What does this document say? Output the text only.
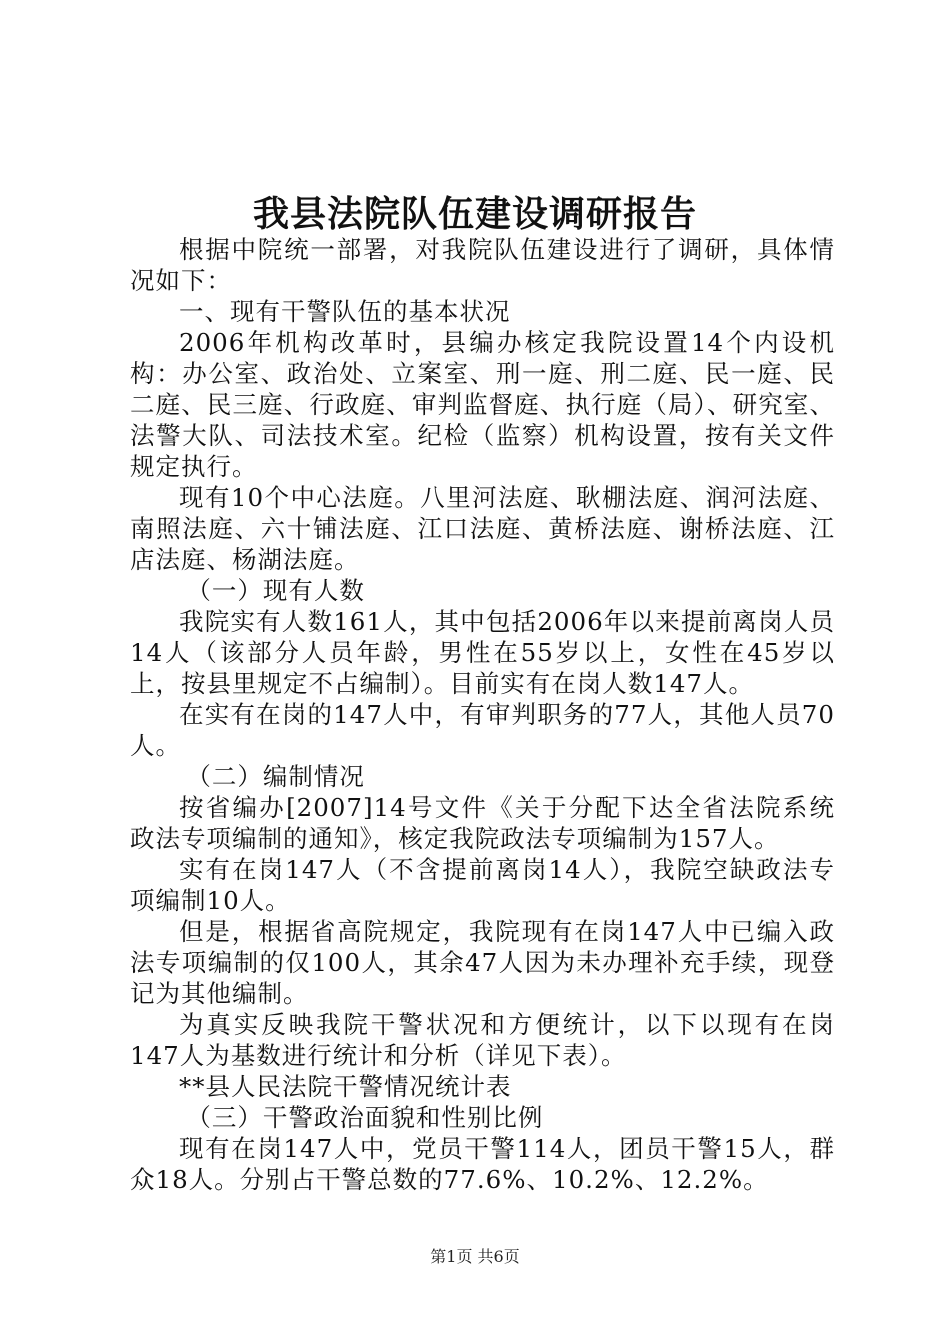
我县法院队伍建设调研报告

根据中院统一部署，对我院队伍建设进行了调研，具体情况如下：

一、现有干警队伍的基本状况

2006年机构改革时，县编办核定我院设置14个内设机构：办公室、政治处、立案室、刑一庭、刑二庭、民一庭、民二庭、民三庭、行政庭、审判监督庭、执行庭（局）、研究室、法警大队、司法技术室。纪检（监察）机构设置，按有关文件规定执行。

现有10个中心法庭。八里河法庭、耿棚法庭、润河法庭、南照法庭、六十铺法庭、江口法庭、黄桥法庭、谢桥法庭、江店法庭、杨湖法庭。

（一）现有人数

我院实有人数161人，其中包括2006年以来提前离岗人员14人（该部分人员年龄，男性在55岁以上，女性在45岁以上，按县里规定不占编制）。目前实有在岗人数147人。

在实有在岗的147人中，有审判职务的77人，其他人员70人。

（二）编制情况

按省编办[2007]14号文件《关于分配下达全省法院系统政法专项编制的通知》，核定我院政法专项编制为157人。

实有在岗147人（不含提前离岗14人），我院空缺政法专项编制10人。

但是，根据省高院规定，我院现有在岗147人中已编入政法专项编制的仅100人，其余47人因为未办理补充手续，现登记为其他编制。

为真实反映我院干警状况和方便统计，以下以现有在岗147人为基数进行统计和分析（详见下表）。

**县人民法院干警情况统计表

（三）干警政治面貌和性别比例

现有在岗147人中，党员干警114人，团员干警15人，群众18人。分别占干警总数的77.6%、10.2%、12.2%。

第1页 共6页
